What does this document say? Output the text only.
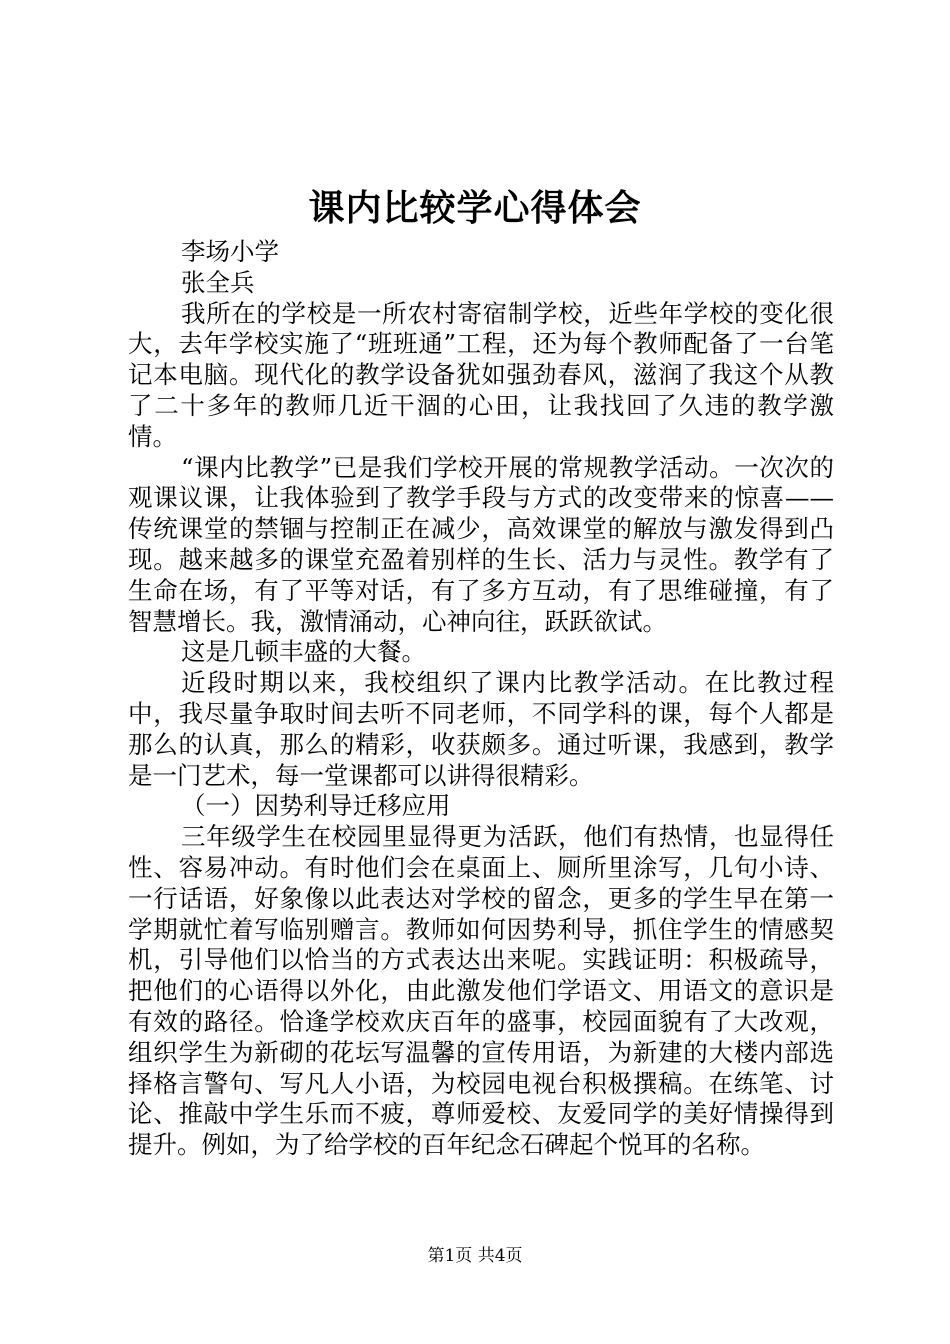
课内比较学心得体会

李场小学

张全兵

我所在的学校是一所农村寄宿制学校，近些年学校的变化很大，去年学校实施了“班班通”工程，还为每个教师配备了一台笔记本电脑。现代化的教学设备犹如强劲春风，滋润了我这个从教了二十多年的教师几近干涸的心田，让我找回了久违的教学激情。

“课内比教学”已是我们学校开展的常规教学活动。一次次的观课议课，让我体验到了教学手段与方式的改变带来的惊喜——传统课堂的禁锢与控制正在减少，高效课堂的解放与激发得到凸现。越来越多的课堂充盈着别样的生长、活力与灵性。教学有了生命在场，有了平等对话，有了多方互动，有了思维碰撞，有了智慧增长。我，激情涌动，心神向往，跃跃欲试。

这是几顿丰盛的大餐。

近段时期以来，我校组织了课内比教学活动。在比教过程中，我尽量争取时间去听不同老师，不同学科的课，每个人都是那么的认真，那么的精彩，收获颇多。通过听课，我感到，教学是一门艺术，每一堂课都可以讲得很精彩。

（一）因势利导迁移应用

三年级学生在校园里显得更为活跃，他们有热情，也显得任性、容易冲动。有时他们会在桌面上、厕所里涂写，几句小诗、一行话语，好象像以此表达对学校的留念，更多的学生早在第一学期就忙着写临别赠言。教师如何因势利导，抓住学生的情感契机，引导他们以恰当的方式表达出来呢。实践证明：积极疏导，把他们的心语得以外化，由此激发他们学语文、用语文的意识是有效的路径。恰逢学校欢庆百年的盛事，校园面貌有了大改观，组织学生为新砌的花坛写温馨的宣传用语，为新建的大楼内部选择格言警句、写凡人小语，为校园电视台积极撰稿。在练笔、讨论、推敲中学生乐而不疲，尊师爱校、友爱同学的美好情操得到提升。例如，为了给学校的百年纪念石碑起个悦耳的名称。

第1页 共4页
